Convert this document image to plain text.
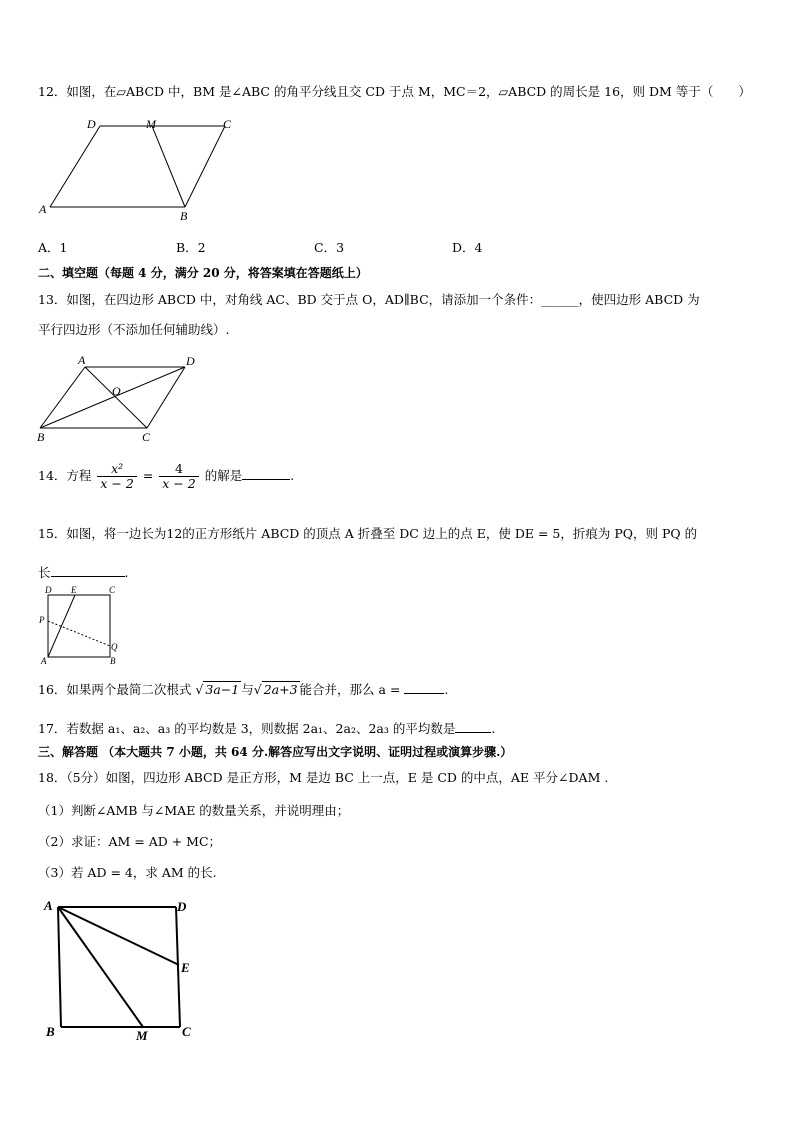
12．如图，在▱ABCD 中，BM 是∠ABC 的角平分线且交 CD 于点 M，MC＝2，▱ABCD 的周长是 16，则 DM 等于（　　）
D	M	C
A	B
A．1	B．2	C．3	D．4
二、填空题（每题 4 分，满分 20 分，将答案填在答题纸上）
13．如图，在四边形 ABCD 中，对角线 AC、BD 交于点 O，AD∥BC，请添加一个条件：______，使四边形 ABCD 为
平行四边形（不添加任何辅助线）.
A	D
O
B	C
14．方程 $\frac{\text{x²}}{x - 2} = \frac{4}{x - 2}$ 的解是	.
15．如图，将一边长为12的正方形纸片 ABCD 的顶点 A 折叠至 DC 边上的点 E，使 DE = 5，折痕为 PQ，则 PQ 的
长	.
D E	C
P
Q
A	B
16．如果两个最简二次根式 √ 3a−1 与√ 2a+3 能合并，那么 a =	.
17．若数据 a₁、a₂、a₃ 的平均数是 3，则数据 2a₁、2a₂、2a₃ 的平均数是	.
三、解答题 （本大题共 7 小题，共 64 分.解答应写出文字说明、证明过程或演算步骤.）
18．（5分）如图，四边形 ABCD 是正方形，M 是边 BC 上一点，E 是 CD 的中点，AE 平分∠DAM .
（1）判断∠AMB 与∠MAE 的数量关系，并说明理由；
（2）求证：AM = AD + MC；
（3）若 AD = 4，求 AM 的长.
A	D
E
B	M	C
